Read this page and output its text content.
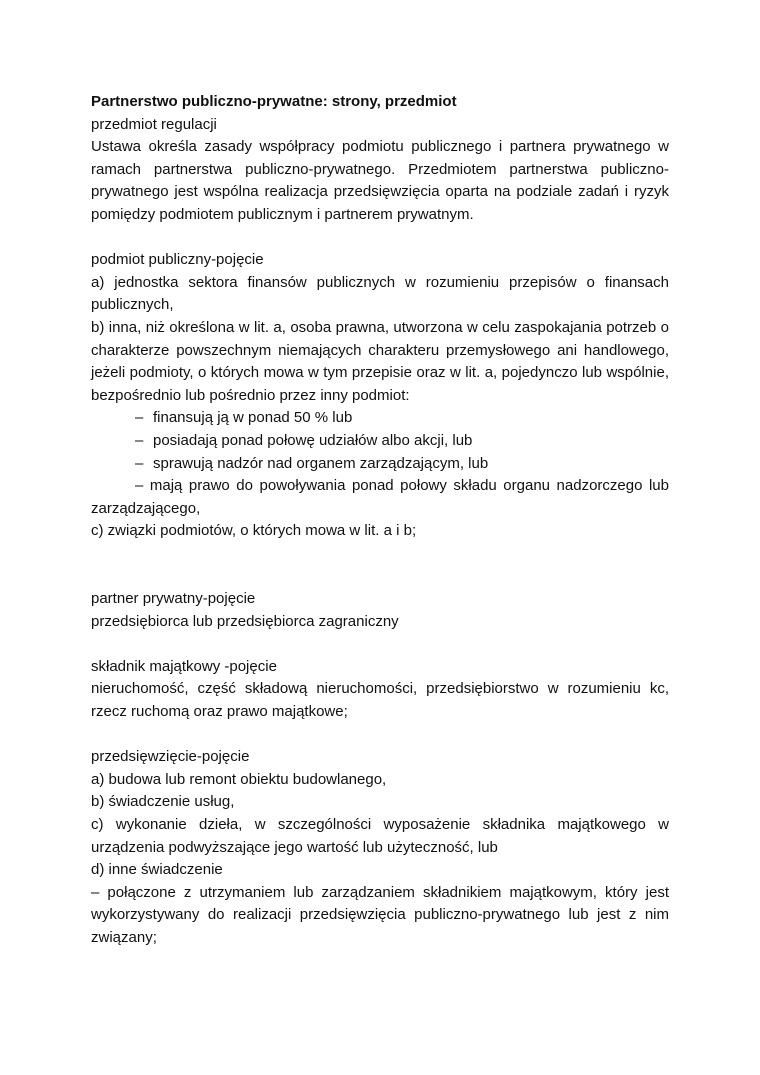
Partnerstwo publiczno-prywatne: strony, przedmiot

przedmiot regulacji

Ustawa określa zasady współpracy podmiotu publicznego i partnera prywatnego w ramach partnerstwa publiczno-prywatnego. Przedmiotem partnerstwa publiczno-prywatnego jest wspólna realizacja przedsięwzięcia oparta na podziale zadań i ryzyk pomiędzy podmiotem publicznym i partnerem prywatnym.

podmiot publiczny-pojęcie

a) jednostka sektora finansów publicznych w rozumieniu przepisów o finansach publicznych,

b) inna, niż określona w lit. a, osoba prawna, utworzona w celu zaspokajania potrzeb o charakterze powszechnym niemających charakteru przemysłowego ani handlowego, jeżeli podmioty, o których mowa w tym przepisie oraz w lit. a, pojedynczo lub wspólnie, bezpośrednio lub pośrednio przez inny podmiot:

– finansują ją w ponad 50 % lub

– posiadają ponad połowę udziałów albo akcji, lub

– sprawują nadzór nad organem zarządzającym, lub

– mają prawo do powoływania ponad połowy składu organu nadzorczego lub zarządzającego,

c) związki podmiotów, o których mowa w lit. a i b;

partner prywatny-pojęcie

przedsiębiorca lub przedsiębiorca zagraniczny

składnik majątkowy -pojęcie

nieruchomość, część składową nieruchomości, przedsiębiorstwo w rozumieniu kc, rzecz ruchomą oraz prawo majątkowe;

przedsięwzięcie-pojęcie

a) budowa lub remont obiektu budowlanego,

b) świadczenie usług,

c) wykonanie dzieła, w szczególności wyposażenie składnika majątkowego w urządzenia podwyższające jego wartość lub użyteczność, lub

d) inne świadczenie

– połączone z utrzymaniem lub zarządzaniem składnikiem majątkowym, który jest wykorzystywany do realizacji przedsięwzięcia publiczno-prywatnego lub jest z nim związany;
